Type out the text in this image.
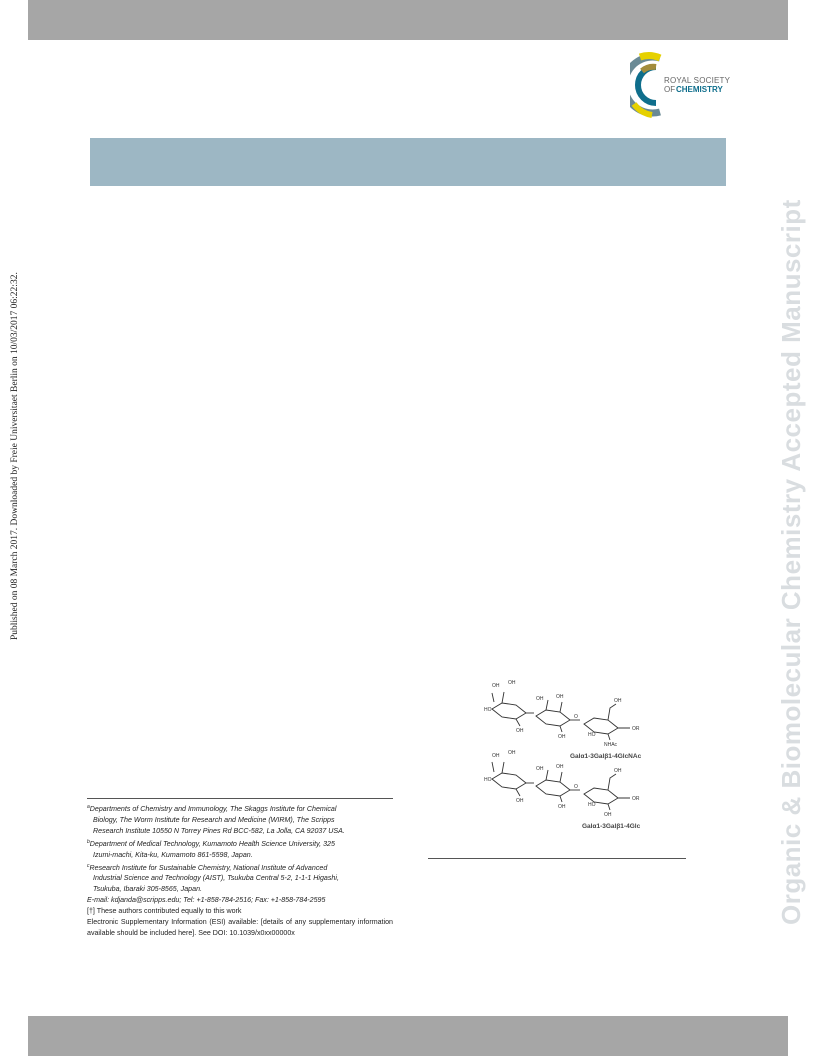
ROYAL SOCIETY
OF CHEMISTRY
Published on 08 March 2017. Downloaded by Freie Universitaet Berlin on 10/03/2017 06:22:32.	Organic & Biomolecular Chemistry Accepted Manuscript
$^a$Departments of Chemistry and Immunology, The Skaggs Institute for Chemical
Biology, The Worm Institute for Research and Medicine (WIRM), The Scripps
Research Institute 10550 N Torrey Pines Rd BCC-582, La Jolla, CA 92037 USA.
$^b$Department of Medical Technology, Kumamoto Health Science University, 325
Izumi-machi, Kita-ku, Kumamoto 861-5598, Japan.
$^c$Research Institute for Sustainable Chemistry, National Institute of Advanced
Industrial Science and Technology (AIST), Tsukuba Central 5-2, 1-1-1 Higashi,
Tsukuba, Ibaraki 305-8565, Japan.
E-mail: kdjanda@scripps.edu; Tel: +1-858-784-2516; Fax: +1-858-784-2595
[†] These authors contributed equally to this work
Electronic Supplementary Information (ESI) available: [details of any supplementary information available should be included here]. See DOI: 10.1039/x0xx00000x
OH OH
HO
OH
OH	OH
OH
O
OH
HO
OR
NHAc
Galα1-3Galβ1-4GlcNAc
OH OH
HO
OH
OH	OH
OH
O
OH
HO
OR
OH
Galα1-3Galβ1-4Glc
